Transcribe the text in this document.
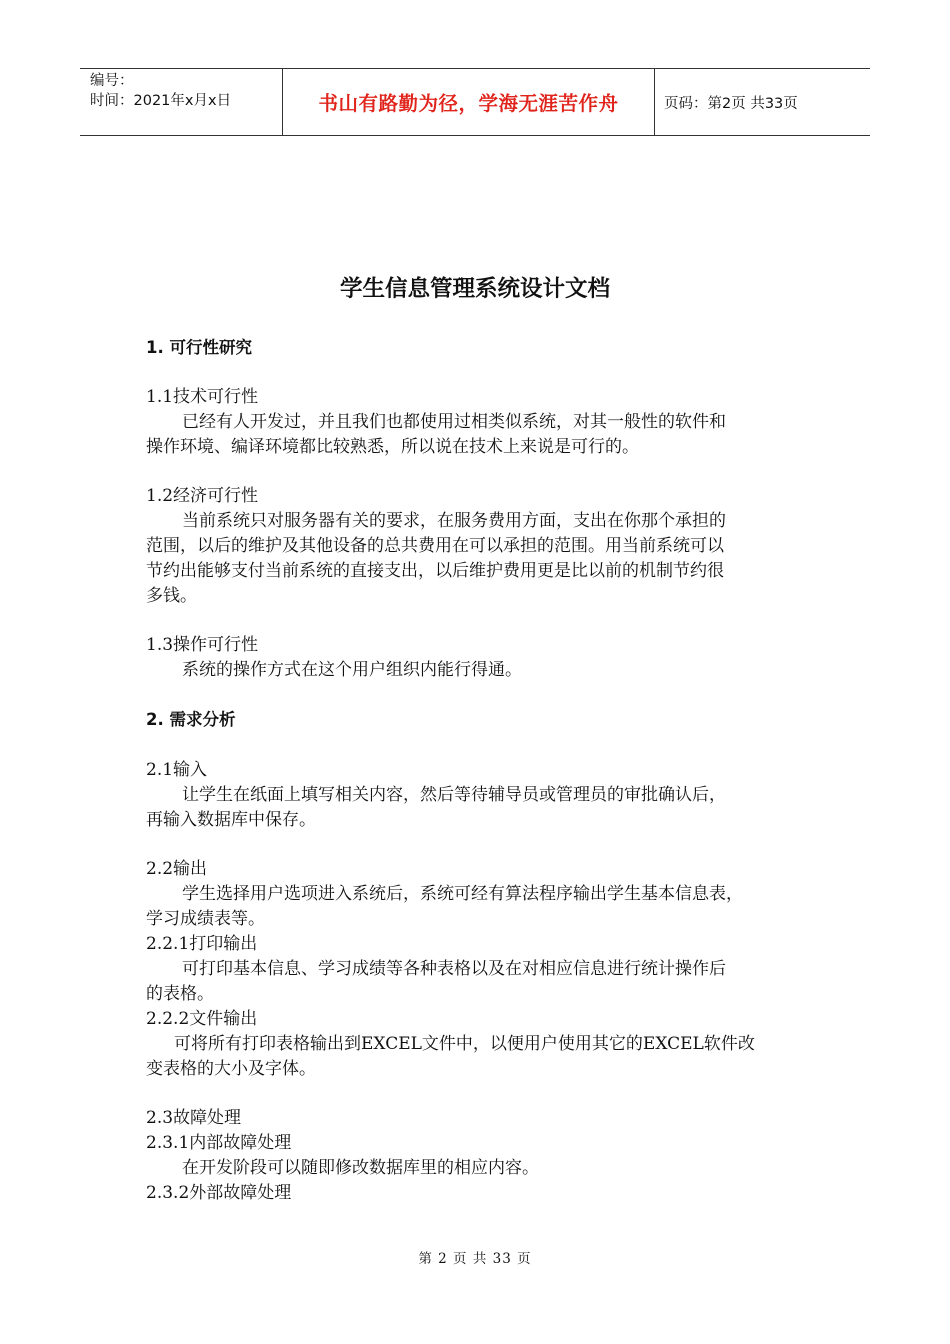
编号：
时间：2021年x月x日	书山有路勤为径，学海无涯苦作舟	页码：第2页 共33页
学生信息管理系统设计文档

1. 可行性研究

1.1技术可行性

已经有人开发过，并且我们也都使用过相类似系统，对其一般性的软件和

操作环境、编译环境都比较熟悉，所以说在技术上来说是可行的。

1.2经济可行性

当前系统只对服务器有关的要求，在服务费用方面，支出在你那个承担的

范围，以后的维护及其他设备的总共费用在可以承担的范围。用当前系统可以

节约出能够支付当前系统的直接支出，以后维护费用更是比以前的机制节约很

多钱。

1.3操作可行性

系统的操作方式在这个用户组织内能行得通。

2. 需求分析

2.1输入

让学生在纸面上填写相关内容，然后等待辅导员或管理员的审批确认后，

再输入数据库中保存。

2.2输出

学生选择用户选项进入系统后，系统可经有算法程序输出学生基本信息表，

学习成绩表等。

2.2.1打印输出

可打印基本信息、学习成绩等各种表格以及在对相应信息进行统计操作后

的表格。

2.2.2文件输出

可将所有打印表格输出到EXCEL文件中，以便用户使用其它的EXCEL软件改

变表格的大小及字体。

2.3故障处理

2.3.1内部故障处理

在开发阶段可以随即修改数据库里的相应内容。

2.3.2外部故障处理

第 2 页 共 33 页
